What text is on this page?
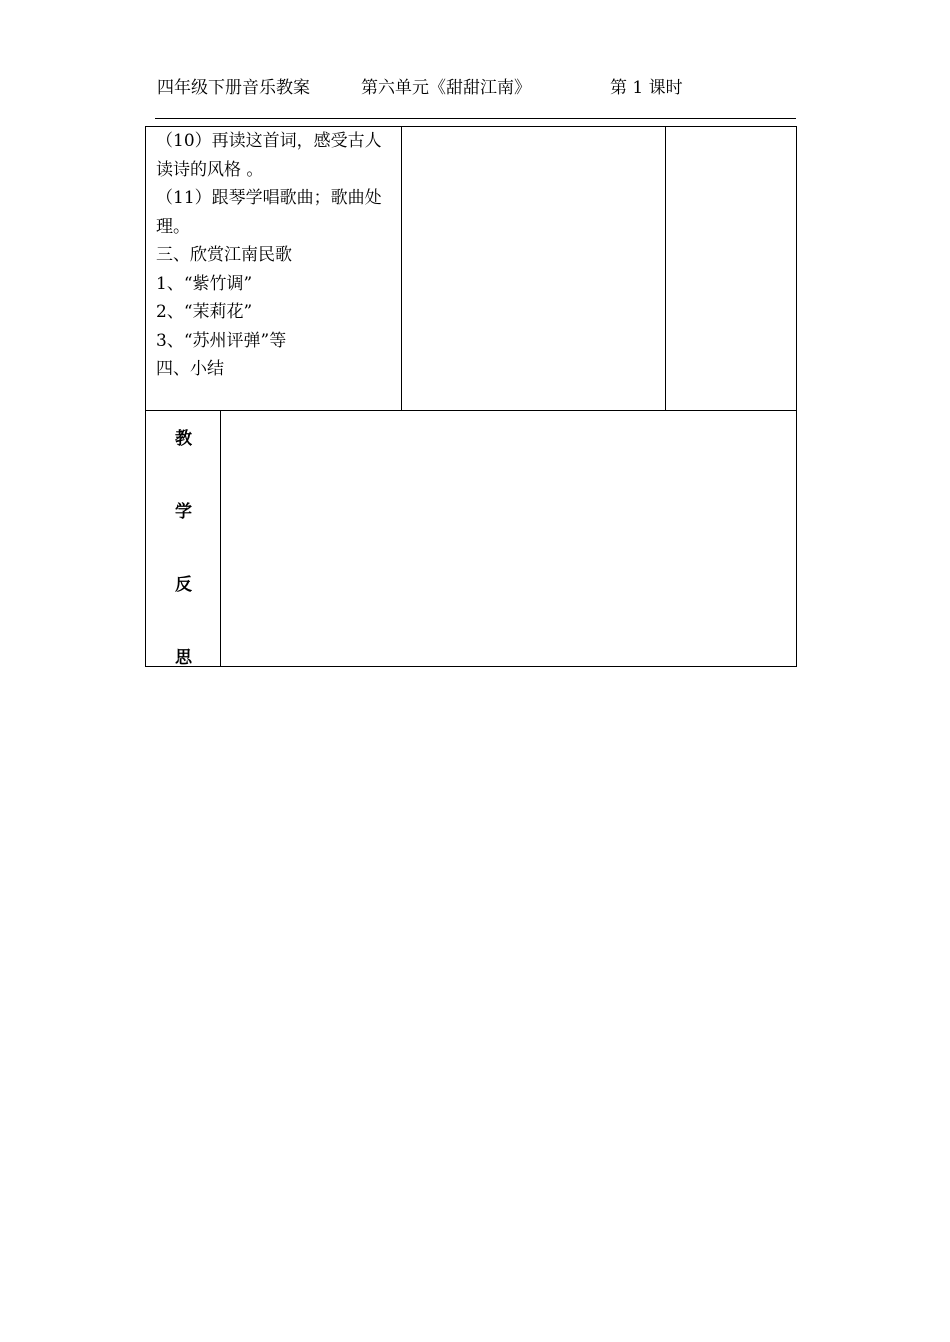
四年级下册音乐教案	第六单元《甜甜江南》	第 1 课时
（10）再读这首词，感受古人
读诗的风格 。
（11）跟琴学唱歌曲；歌曲处
理。
三、欣赏江南民歌
1、“紫竹调”
2、“茉莉花”
3、“苏州评弹”等
四、小结
教
学
反
思
